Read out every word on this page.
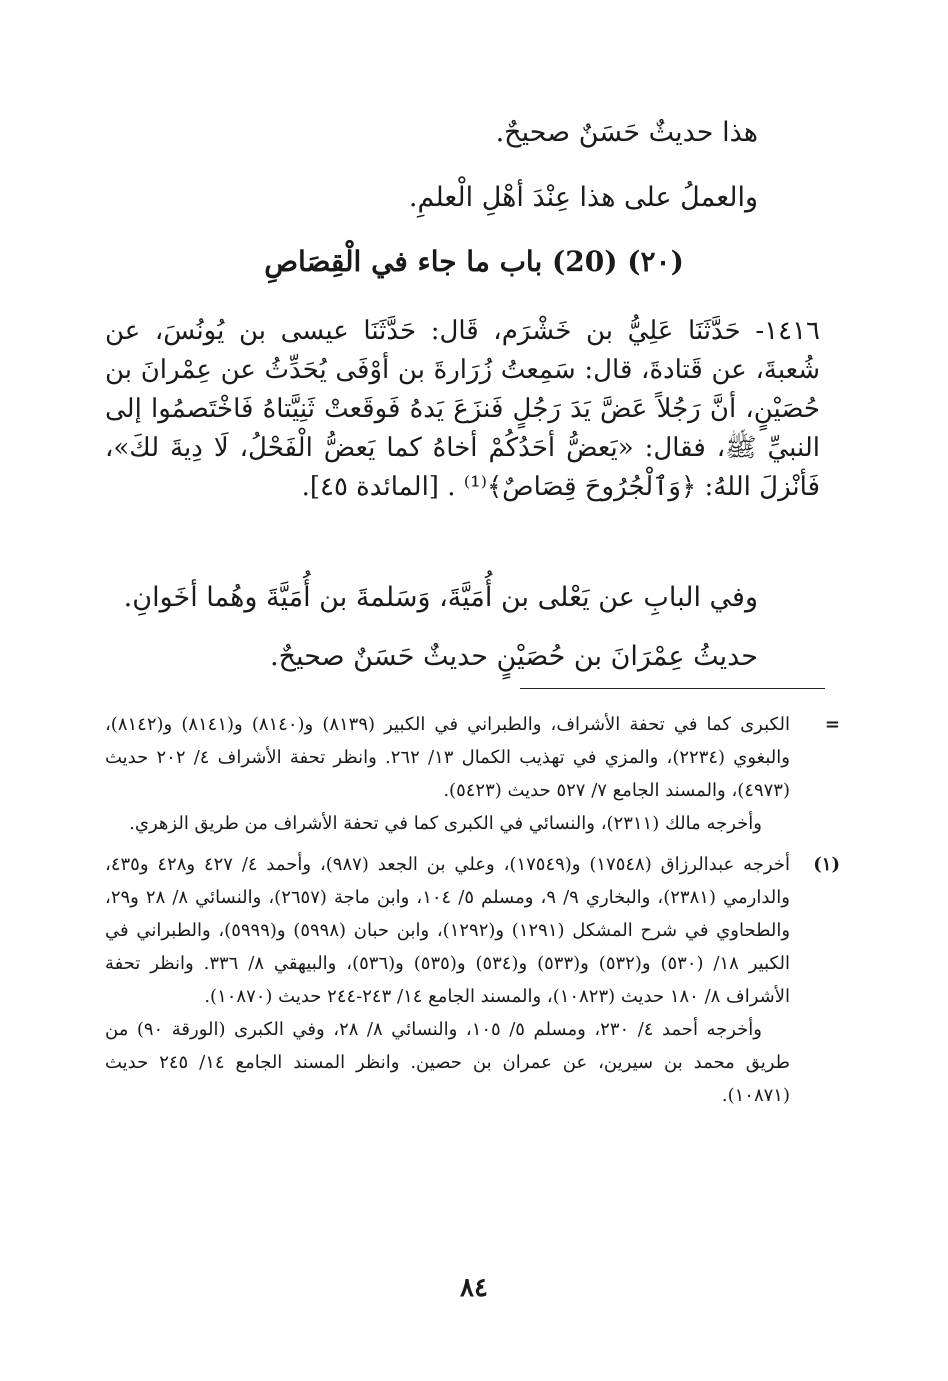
هذا حديثٌ حَسَنٌ صحيحٌ.
والعملُ على هذا عِنْدَ أهْلِ الْعلمِ.
(٢٠) (20) باب ما جاء في الْقِصَاصِ

١٤١٦- حَدَّثَنَا عَلِيُّ بن خَشْرَم، قَال: حَدَّثَنَا عيسى بن يُونُسَ، عن شُعبةَ، عن قَتادةَ، قال: سَمِعتُ زُرَارةَ بن أوْفَى يُحَدِّثُ عن عِمْرانَ بن حُصَيْنٍ، أنَّ رَجُلاً عَضَّ يَدَ رَجُلٍ فَنزَعَ يَدهُ فَوقَعتْ ثَنِيَّتاهُ فَاخْتَصمُوا إلى النبيِّ ﷺ، فقال: «يَعضُّ أحَدُكُمْ أخاهُ كما يَعضُّ الْفَحْلُ، لَا دِيةَ لكَ»، فَأنْزلَ اللهُ: ﴿وَٱلْجُرُوحَ قِصَاصٌ﴾⁽¹⁾ . [المائدة ٤٥].

وفي البابِ عن يَعْلى بن أُمَيَّةَ، وَسَلمةَ بن أُمَيَّةَ وهُما أخَوانِ.
حديثُ عِمْرَانَ بن حُصَيْنٍ حديثٌ حَسَنٌ صحيحٌ.
=

الكبرى كما في تحفة الأشراف، والطبراني في الكبير (٨١٣٩) و(٨١٤٠) و(٨١٤١) و(٨١٤٢)، والبغوي (٢٢٣٤)، والمزي في تهذيب الكمال ١٣/ ٢٦٢. وانظر تحفة الأشراف ٤/ ٢٠٢ حديث (٤٩٧٣)، والمسند الجامع ٧/ ٥٢٧ حديث (٥٤٢٣).

وأخرجه مالك (٢٣١١)، والنسائي في الكبرى كما في تحفة الأشراف من طريق الزهري.

(١)

أخرجه عبدالرزاق (١٧٥٤٨) و(١٧٥٤٩)، وعلي بن الجعد (٩٨٧)، وأحمد ٤/ ٤٢٧ و٤٢٨ و٤٣٥، والدارمي (٢٣٨١)، والبخاري ٩/ ٩، ومسلم ٥/ ١٠٤، وابن ماجة (٢٦٥٧)، والنسائي ٨/ ٢٨ و٢٩، والطحاوي في شرح المشكل (١٢٩١) و(١٢٩٢)، وابن حبان (٥٩٩٨) و(٥٩٩٩)، والطبراني في الكبير ١٨/ (٥٣٠) و(٥٣٢) و(٥٣٣) و(٥٣٤) و(٥٣٥) و(٥٣٦)، والبيهقي ٨/ ٣٣٦. وانظر تحفة الأشراف ٨/ ١٨٠ حديث (١٠٨٢٣)، والمسند الجامع ١٤/ ٢٤٣-٢٤٤ حديث (١٠٨٧٠).

وأخرجه أحمد ٤/ ٢٣٠، ومسلم ٥/ ١٠٥، والنسائي ٨/ ٢٨، وفي الكبرى (الورقة ٩٠) من طريق محمد بن سيرين، عن عمران بن حصين. وانظر المسند الجامع ١٤/ ٢٤٥ حديث (١٠٨٧١).

٨٤
